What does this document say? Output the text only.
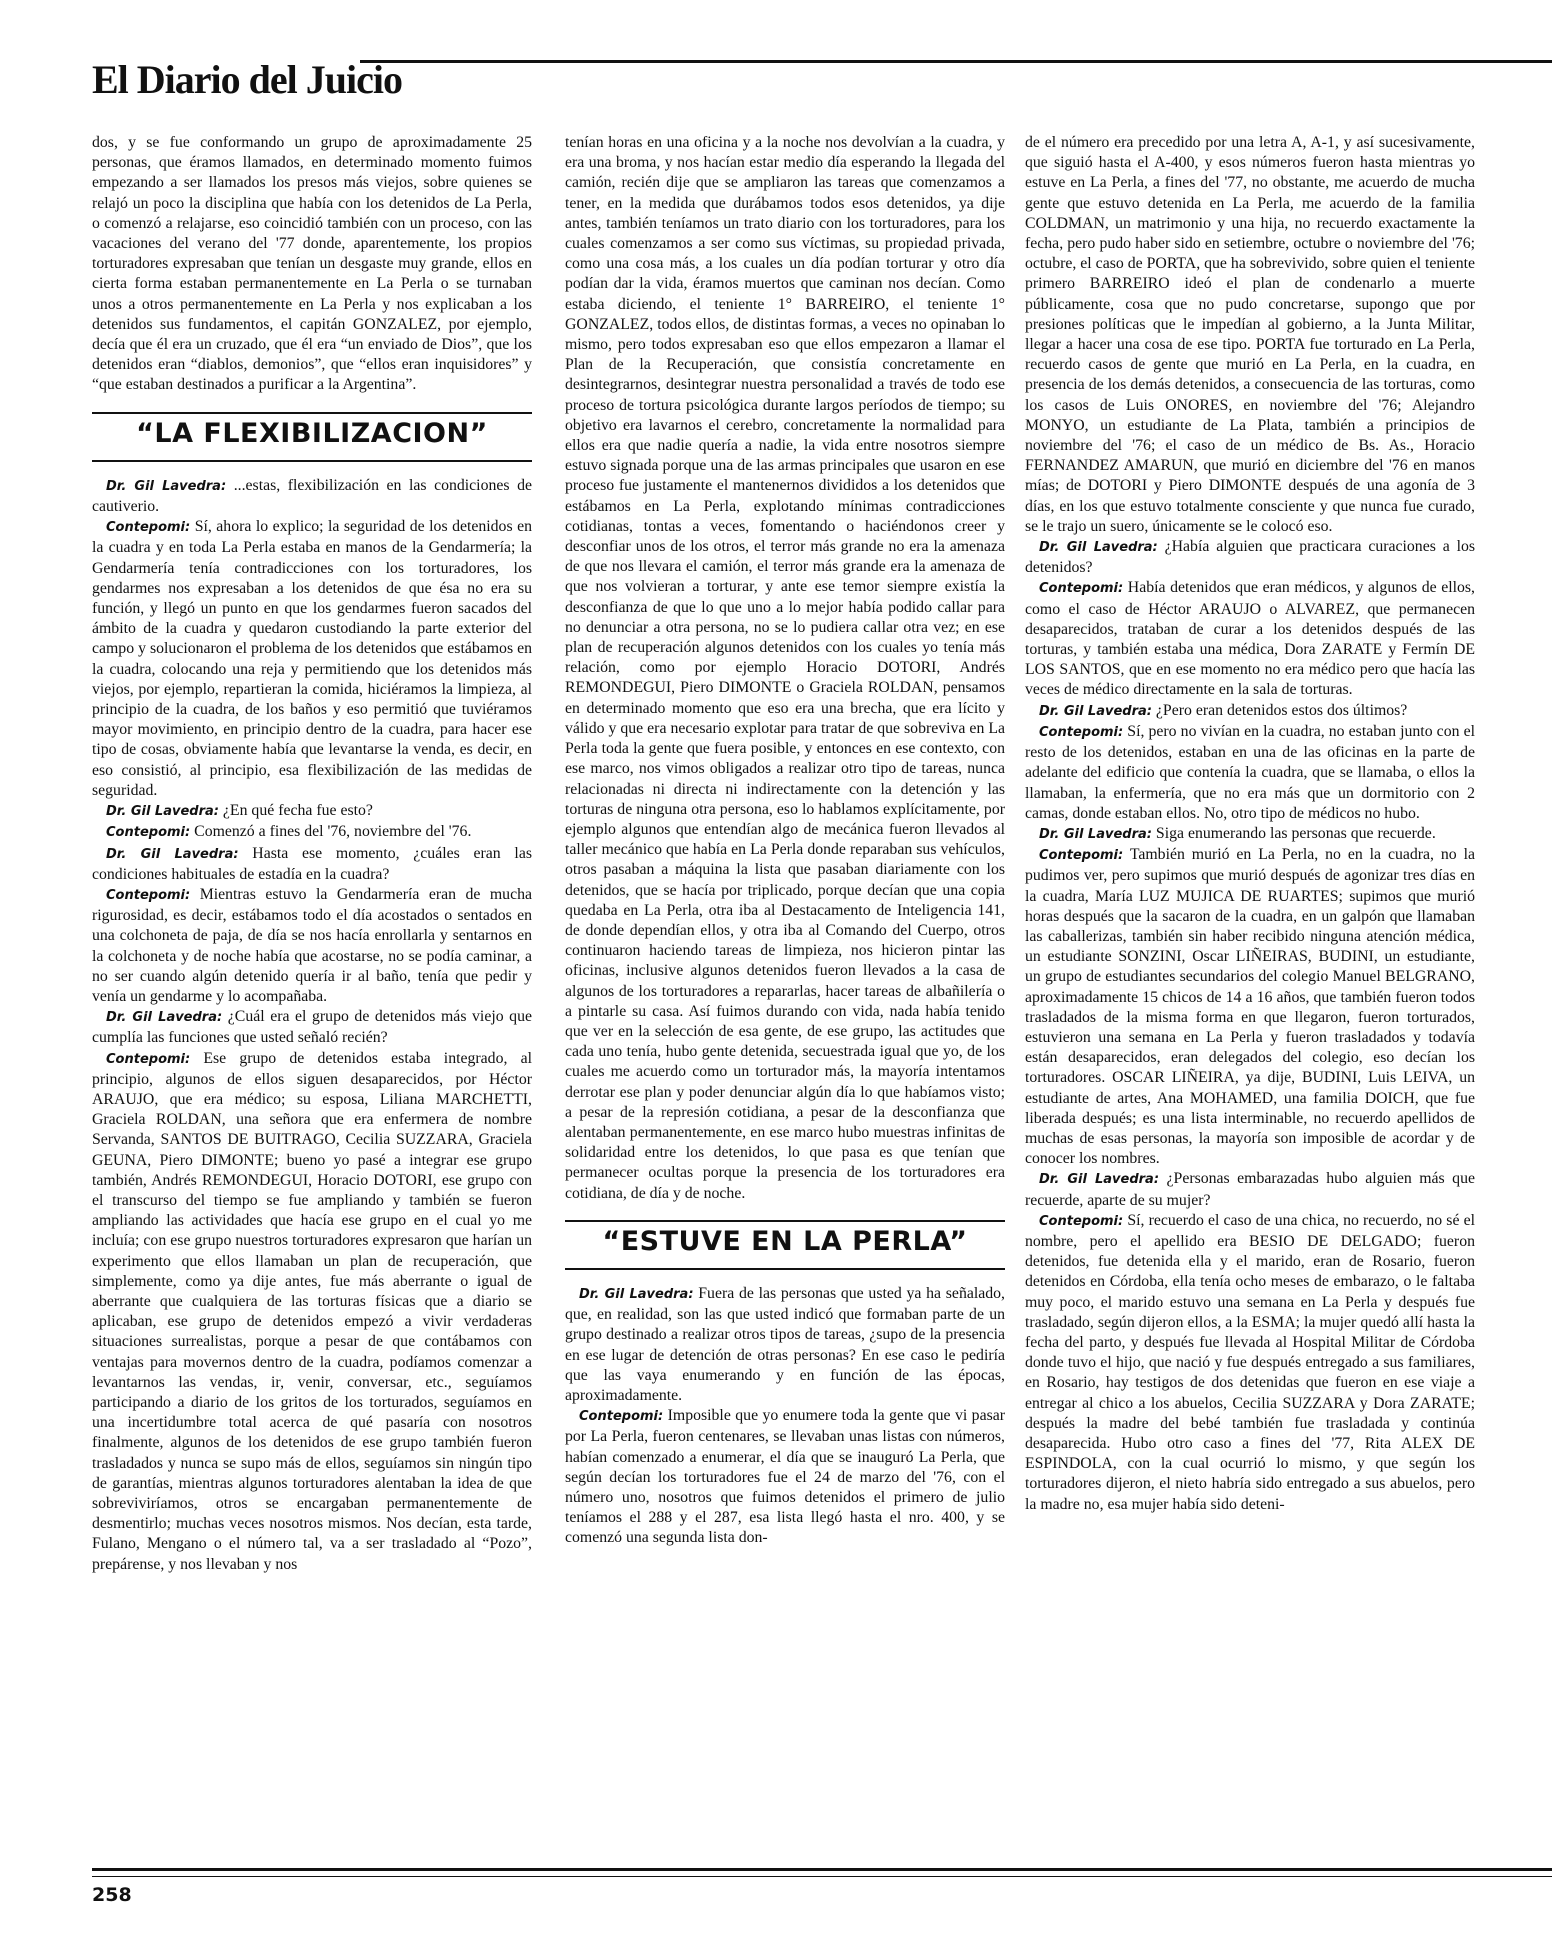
El Diario del Juicio

dos, y se fue conformando un grupo de aproximadamente 25 personas, que éramos llamados, en determinado momento fuimos empezando a ser llamados los presos más viejos, sobre quienes se relajó un poco la disciplina que había con los detenidos de La Perla, o comenzó a relajarse, eso coincidió también con un proceso, con las vacaciones del verano del '77 donde, aparentemente, los propios torturadores expresaban que tenían un desgaste muy grande, ellos en cierta forma estaban permanentemente en La Perla o se turnaban unos a otros permanentemente en La Perla y nos explicaban a los detenidos sus fundamentos, el capitán GONZALEZ, por ejemplo, decía que él era un cruzado, que él era “un enviado de Dios”, que los detenidos eran “diablos, demonios”, que “ellos eran inquisidores” y “que estaban destinados a purificar a la Argentina”.

“LA FLEXIBILIZACION”

Dr. Gil Lavedra: ...estas, flexibilización en las condiciones de cautiverio.

Contepomi: Sí, ahora lo explico; la seguridad de los detenidos en la cuadra y en toda La Perla estaba en manos de la Gendarmería; la Gendarmería tenía contradicciones con los torturadores, los gendarmes nos expresaban a los detenidos de que ésa no era su función, y llegó un punto en que los gendarmes fueron sacados del ámbito de la cuadra y quedaron custodiando la parte exterior del campo y solucionaron el problema de los detenidos que estábamos en la cuadra, colocando una reja y permitiendo que los detenidos más viejos, por ejemplo, repartieran la comida, hiciéramos la limpieza, al principio de la cuadra, de los baños y eso permitió que tuviéramos mayor movimiento, en principio dentro de la cuadra, para hacer ese tipo de cosas, obviamente había que levantarse la venda, es decir, en eso consistió, al principio, esa flexibilización de las medidas de seguridad.

Dr. Gil Lavedra: ¿En qué fecha fue esto?

Contepomi: Comenzó a fines del '76, noviembre del '76.

Dr. Gil Lavedra: Hasta ese momento, ¿cuáles eran las condiciones habituales de estadía en la cuadra?

Contepomi: Mientras estuvo la Gendarmería eran de mucha rigurosidad, es decir, estábamos todo el día acostados o sentados en una colchoneta de paja, de día se nos hacía enrollarla y sentarnos en la colchoneta y de noche había que acostarse, no se podía caminar, a no ser cuando algún detenido quería ir al baño, tenía que pedir y venía un gendarme y lo acompañaba.

Dr. Gil Lavedra: ¿Cuál era el grupo de detenidos más viejo que cumplía las funciones que usted señaló recién?

Contepomi: Ese grupo de detenidos estaba integrado, al principio, algunos de ellos siguen desaparecidos, por Héctor ARAUJO, que era médico; su esposa, Liliana MARCHETTI, Graciela ROLDAN, una señora que era enfermera de nombre Servanda, SANTOS DE BUITRAGO, Cecilia SUZZARA, Graciela GEUNA, Piero DIMONTE; bueno yo pasé a integrar ese grupo también, Andrés REMONDEGUI, Horacio DOTORI, ese grupo con el transcurso del tiempo se fue ampliando y también se fueron ampliando las actividades que hacía ese grupo en el cual yo me incluía; con ese grupo nuestros torturadores expresaron que harían un experimento que ellos llamaban un plan de recuperación, que simplemente, como ya dije antes, fue más aberrante o igual de aberrante que cualquiera de las torturas físicas que a diario se aplicaban, ese grupo de detenidos empezó a vivir verdaderas situaciones surrealistas, porque a pesar de que contábamos con ventajas para movernos dentro de la cuadra, podíamos comenzar a levantarnos las vendas, ir, venir, conversar, etc., seguíamos participando a diario de los gritos de los torturados, seguíamos en una incertidumbre total acerca de qué pasaría con nosotros finalmente, algunos de los detenidos de ese grupo también fueron trasladados y nunca se supo más de ellos, seguíamos sin ningún tipo de garantías, mientras algunos torturadores alentaban la idea de que sobreviviríamos, otros se encargaban permanentemente de desmentirlo; muchas veces nosotros mismos. Nos decían, esta tarde, Fulano, Mengano o el número tal, va a ser trasladado al “Pozo”, prepárense, y nos llevaban y nos

tenían horas en una oficina y a la noche nos devolvían a la cuadra, y era una broma, y nos hacían estar medio día esperando la llegada del camión, recién dije que se ampliaron las tareas que comenzamos a tener, en la medida que durábamos todos esos detenidos, ya dije antes, también teníamos un trato diario con los torturadores, para los cuales comenzamos a ser como sus víctimas, su propiedad privada, como una cosa más, a los cuales un día podían torturar y otro día podían dar la vida, éramos muertos que caminan nos decían. Como estaba diciendo, el teniente 1° BARREIRO, el teniente 1° GONZALEZ, todos ellos, de distintas formas, a veces no opinaban lo mismo, pero todos expresaban eso que ellos empezaron a llamar el Plan de la Recuperación, que consistía concretamente en desintegrarnos, desintegrar nuestra personalidad a través de todo ese proceso de tortura psicológica durante largos períodos de tiempo; su objetivo era lavarnos el cerebro, concretamente la normalidad para ellos era que nadie quería a nadie, la vida entre nosotros siempre estuvo signada porque una de las armas principales que usaron en ese proceso fue justamente el mantenernos divididos a los detenidos que estábamos en La Perla, explotando mínimas contradicciones cotidianas, tontas a veces, fomentando o haciéndonos creer y desconfiar unos de los otros, el terror más grande no era la amenaza de que nos llevara el camión, el terror más grande era la amenaza de que nos volvieran a torturar, y ante ese temor siempre existía la desconfianza de que lo que uno a lo mejor había podido callar para no denunciar a otra persona, no se lo pudiera callar otra vez; en ese plan de recuperación algunos detenidos con los cuales yo tenía más relación, como por ejemplo Horacio DOTORI, Andrés REMONDEGUI, Piero DIMONTE o Graciela ROLDAN, pensamos en determinado momento que eso era una brecha, que era lícito y válido y que era necesario explotar para tratar de que sobreviva en La Perla toda la gente que fuera posible, y entonces en ese contexto, con ese marco, nos vimos obligados a realizar otro tipo de tareas, nunca relacionadas ni directa ni indirectamente con la detención y las torturas de ninguna otra persona, eso lo hablamos explícitamente, por ejemplo algunos que entendían algo de mecánica fueron llevados al taller mecánico que había en La Perla donde reparaban sus vehículos, otros pasaban a máquina la lista que pasaban diariamente con los detenidos, que se hacía por triplicado, porque decían que una copia quedaba en La Perla, otra iba al Destacamento de Inteligencia 141, de donde dependían ellos, y otra iba al Comando del Cuerpo, otros continuaron haciendo tareas de limpieza, nos hicieron pintar las oficinas, inclusive algunos detenidos fueron llevados a la casa de algunos de los torturadores a repararlas, hacer tareas de albañilería o a pintarle su casa. Así fuimos durando con vida, nada había tenido que ver en la selección de esa gente, de ese grupo, las actitudes que cada uno tenía, hubo gente detenida, secuestrada igual que yo, de los cuales me acuerdo como un torturador más, la mayoría intentamos derrotar ese plan y poder denunciar algún día lo que habíamos visto; a pesar de la represión cotidiana, a pesar de la desconfianza que alentaban permanentemente, en ese marco hubo muestras infinitas de solidaridad entre los detenidos, lo que pasa es que tenían que permanecer ocultas porque la presencia de los torturadores era cotidiana, de día y de noche.

“ESTUVE EN LA PERLA”

Dr. Gil Lavedra: Fuera de las personas que usted ya ha señalado, que, en realidad, son las que usted indicó que formaban parte de un grupo destinado a realizar otros tipos de tareas, ¿supo de la presencia en ese lugar de detención de otras personas? En ese caso le pediría que las vaya enumerando y en función de las épocas, aproximadamente.

Contepomi: Imposible que yo enumere toda la gente que vi pasar por La Perla, fueron centenares, se llevaban unas listas con números, habían comenzado a enumerar, el día que se inauguró La Perla, que según decían los torturadores fue el 24 de marzo del '76, con el número uno, nosotros que fuimos detenidos el primero de julio teníamos el 288 y el 287, esa lista llegó hasta el nro. 400, y se comenzó una segunda lista don-

de el número era precedido por una letra A, A-1, y así sucesivamente, que siguió hasta el A-400, y esos números fueron hasta mientras yo estuve en La Perla, a fines del '77, no obstante, me acuerdo de mucha gente que estuvo detenida en La Perla, me acuerdo de la familia COLDMAN, un matrimonio y una hija, no recuerdo exactamente la fecha, pero pudo haber sido en setiembre, octubre o noviembre del '76; octubre, el caso de PORTA, que ha sobrevivido, sobre quien el teniente primero BARREIRO ideó el plan de condenarlo a muerte públicamente, cosa que no pudo concretarse, supongo que por presiones políticas que le impedían al gobierno, a la Junta Militar, llegar a hacer una cosa de ese tipo. PORTA fue torturado en La Perla, recuerdo casos de gente que murió en La Perla, en la cuadra, en presencia de los demás detenidos, a consecuencia de las torturas, como los casos de Luis ONORES, en noviembre del '76; Alejandro MONYO, un estudiante de La Plata, también a principios de noviembre del '76; el caso de un médico de Bs. As., Horacio FERNANDEZ AMARUN, que murió en diciembre del '76 en manos mías; de DOTORI y Piero DIMONTE después de una agonía de 3 días, en los que estuvo totalmente consciente y que nunca fue curado, se le trajo un suero, únicamente se le colocó eso.

Dr. Gil Lavedra: ¿Había alguien que practicara curaciones a los detenidos?

Contepomi: Había detenidos que eran médicos, y algunos de ellos, como el caso de Héctor ARAUJO o ALVAREZ, que permanecen desaparecidos, trataban de curar a los detenidos después de las torturas, y también estaba una médica, Dora ZARATE y Fermín DE LOS SANTOS, que en ese momento no era médico pero que hacía las veces de médico directamente en la sala de torturas.

Dr. Gil Lavedra: ¿Pero eran detenidos estos dos últimos?

Contepomi: Sí, pero no vivían en la cuadra, no estaban junto con el resto de los detenidos, estaban en una de las oficinas en la parte de adelante del edificio que contenía la cuadra, que se llamaba, o ellos la llamaban, la enfermería, que no era más que un dormitorio con 2 camas, donde estaban ellos. No, otro tipo de médicos no hubo.

Dr. Gil Lavedra: Siga enumerando las personas que recuerde.

Contepomi: También murió en La Perla, no en la cuadra, no la pudimos ver, pero supimos que murió después de agonizar tres días en la cuadra, María LUZ MUJICA DE RUARTES; supimos que murió horas después que la sacaron de la cuadra, en un galpón que llamaban las caballerizas, también sin haber recibido ninguna atención médica, un estudiante SONZINI, Oscar LIÑEIRAS, BUDINI, un estudiante, un grupo de estudiantes secundarios del colegio Manuel BELGRANO, aproximadamente 15 chicos de 14 a 16 años, que también fueron todos trasladados de la misma forma en que llegaron, fueron torturados, estuvieron una semana en La Perla y fueron trasladados y todavía están desaparecidos, eran delegados del colegio, eso decían los torturadores. OSCAR LIÑEIRA, ya dije, BUDINI, Luis LEIVA, un estudiante de artes, Ana MOHAMED, una familia DOICH, que fue liberada después; es una lista interminable, no recuerdo apellidos de muchas de esas personas, la mayoría son imposible de acordar y de conocer los nombres.

Dr. Gil Lavedra: ¿Personas embarazadas hubo alguien más que recuerde, aparte de su mujer?

Contepomi: Sí, recuerdo el caso de una chica, no recuerdo, no sé el nombre, pero el apellido era BESIO DE DELGADO; fueron detenidos, fue detenida ella y el marido, eran de Rosario, fueron detenidos en Córdoba, ella tenía ocho meses de embarazo, o le faltaba muy poco, el marido estuvo una semana en La Perla y después fue trasladado, según dijeron ellos, a la ESMA; la mujer quedó allí hasta la fecha del parto, y después fue llevada al Hospital Militar de Córdoba donde tuvo el hijo, que nació y fue después entregado a sus familiares, en Rosario, hay testigos de dos detenidas que fueron en ese viaje a entregar al chico a los abuelos, Cecilia SUZZARA y Dora ZARATE; después la madre del bebé también fue trasladada y continúa desaparecida. Hubo otro caso a fines del '77, Rita ALEX DE ESPINDOLA, con la cual ocurrió lo mismo, y que según los torturadores dijeron, el nieto habría sido entregado a sus abuelos, pero la madre no, esa mujer había sido deteni-

258
